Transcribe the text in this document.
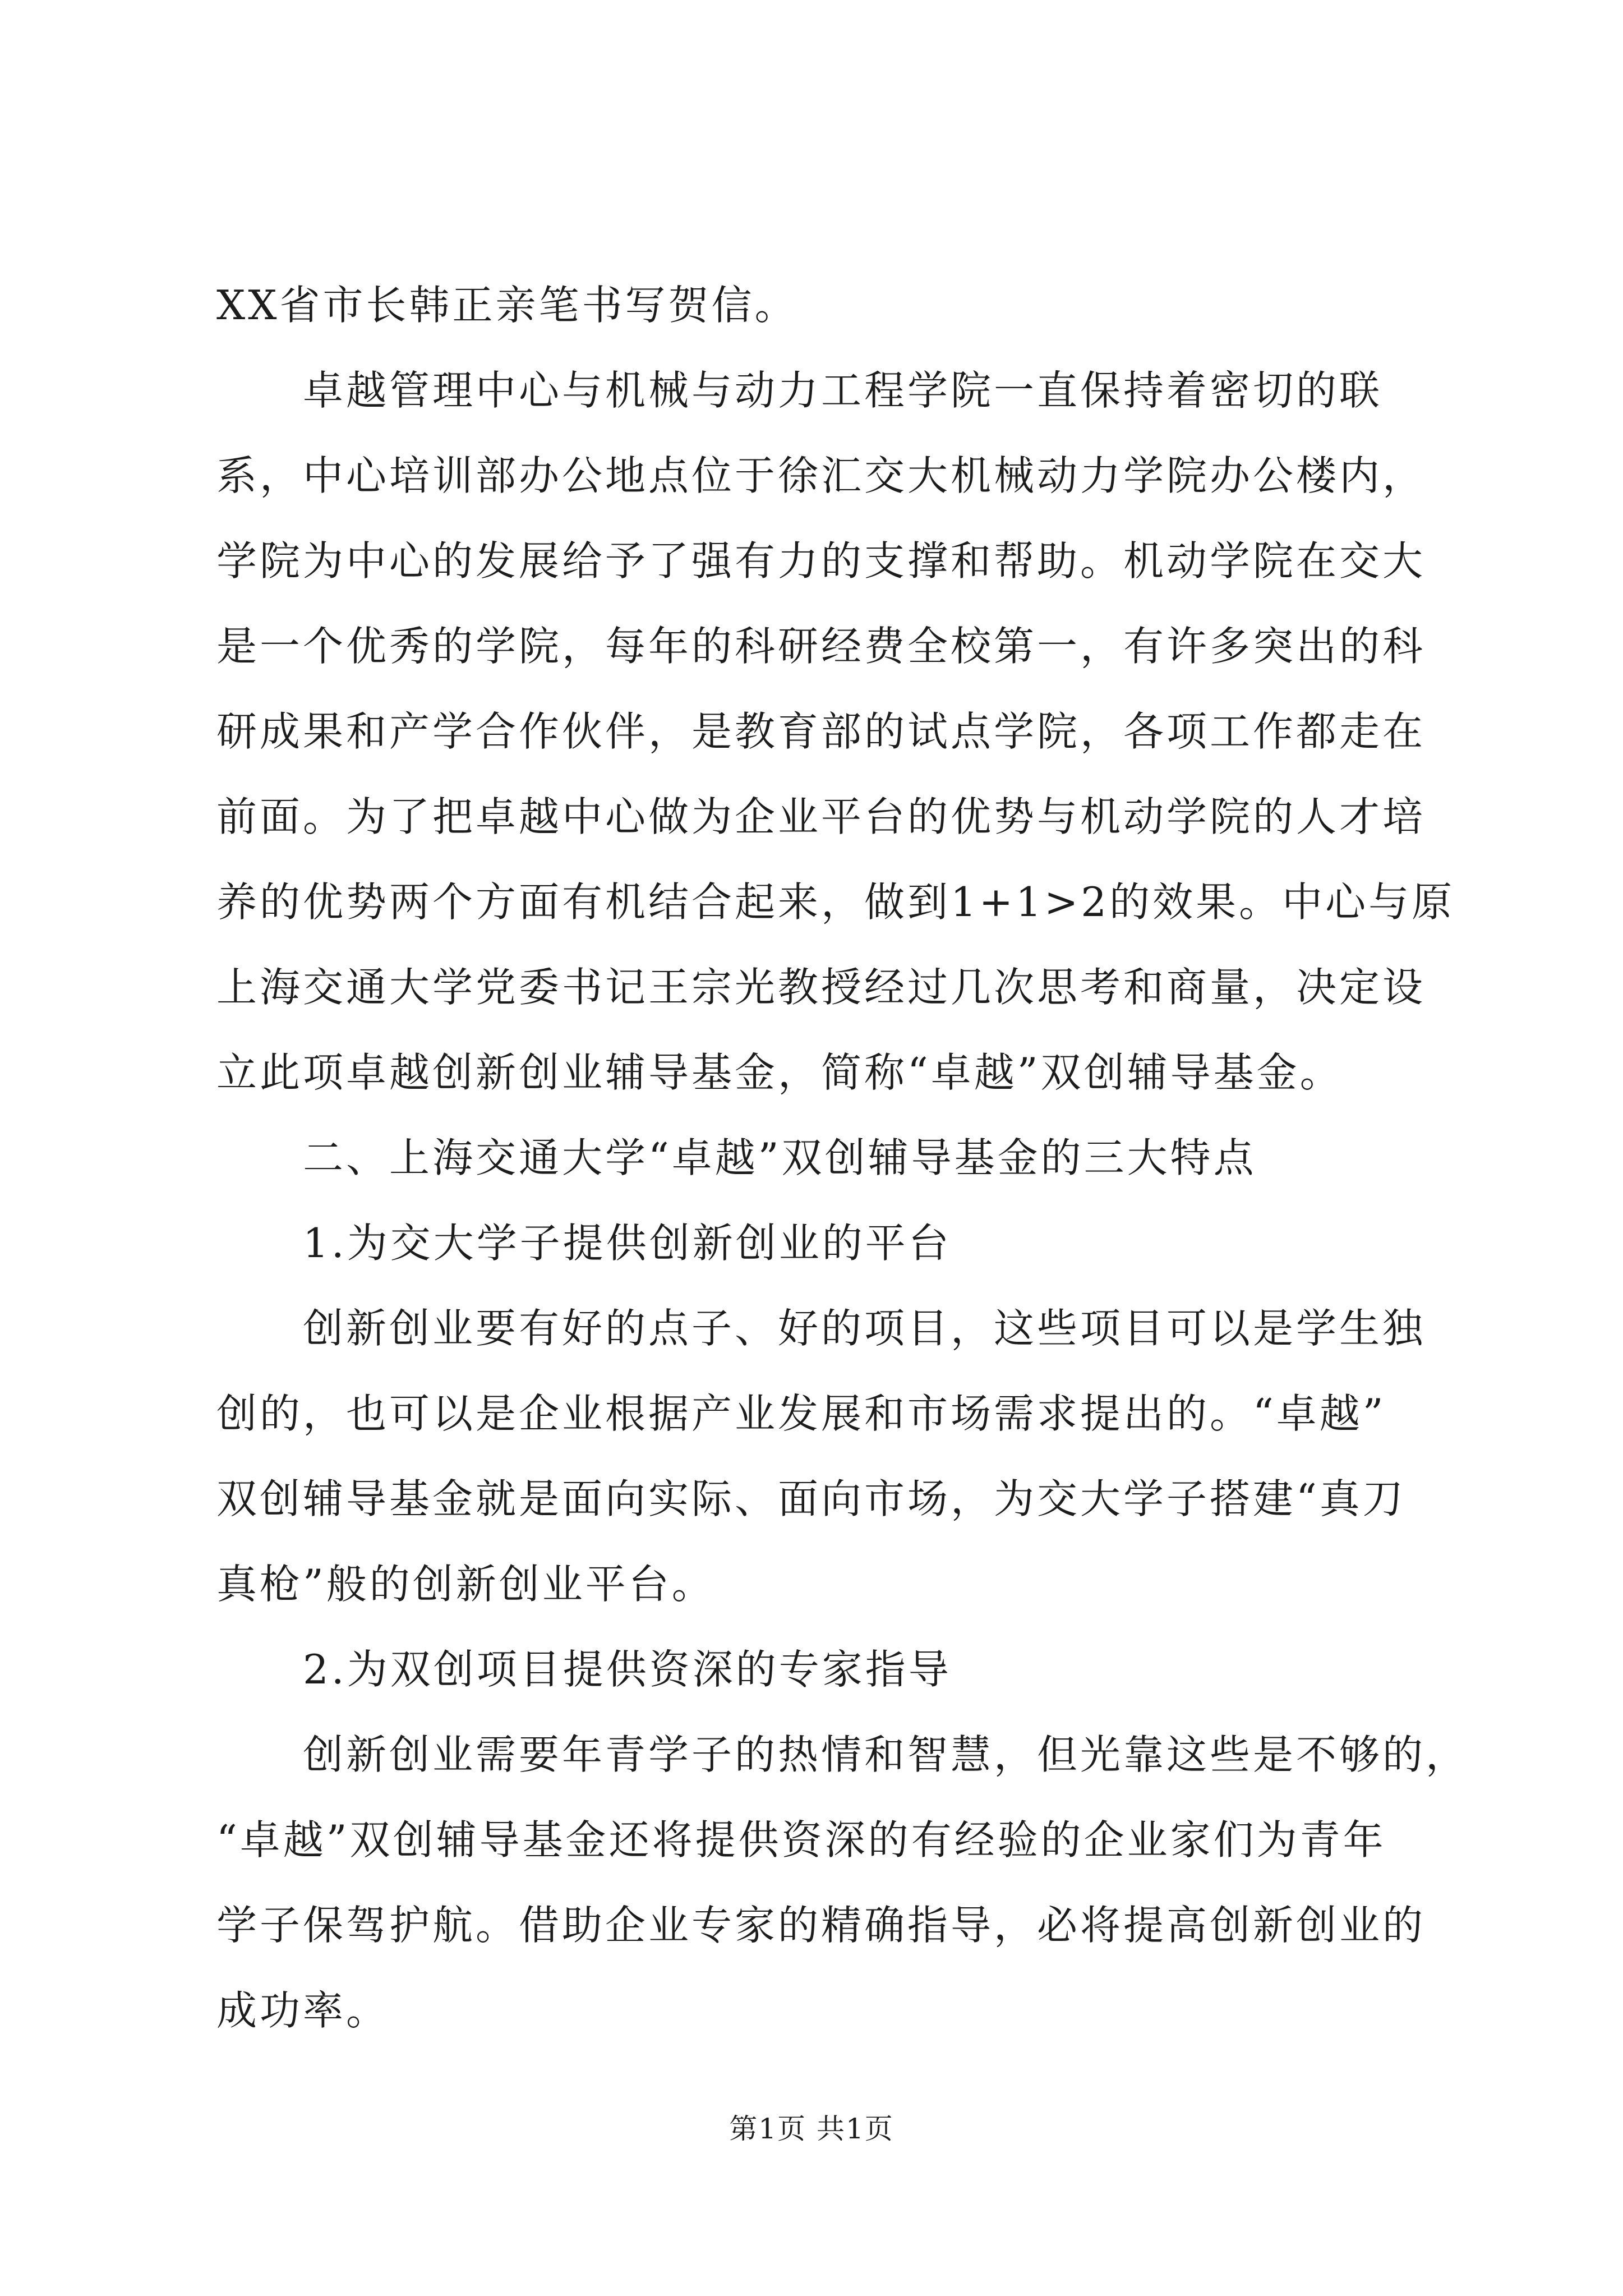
XX省市长韩正亲笔书写贺信。
卓越管理中心与机械与动力工程学院一直保持着密切的联
系，中心培训部办公地点位于徐汇交大机械动力学院办公楼内，
学院为中心的发展给予了强有力的支撑和帮助。机动学院在交大
是一个优秀的学院，每年的科研经费全校第一，有许多突出的科
研成果和产学合作伙伴，是教育部的试点学院，各项工作都走在
前面。为了把卓越中心做为企业平台的优势与机动学院的人才培
养的优势两个方面有机结合起来，做到1+1>2的效果。中心与原
上海交通大学党委书记王宗光教授经过几次思考和商量，决定设
立此项卓越创新创业辅导基金，简称“卓越”双创辅导基金。
二、上海交通大学“卓越”双创辅导基金的三大特点
1.为交大学子提供创新创业的平台
创新创业要有好的点子、好的项目，这些项目可以是学生独
创的，也可以是企业根据产业发展和市场需求提出的。“卓越”
双创辅导基金就是面向实际、面向市场，为交大学子搭建“真刀
真枪”般的创新创业平台。
2.为双创项目提供资深的专家指导
创新创业需要年青学子的热情和智慧，但光靠这些是不够的，
“卓越”双创辅导基金还将提供资深的有经验的企业家们为青年
学子保驾护航。借助企业专家的精确指导，必将提高创新创业的
成功率。
第1页 共1页
